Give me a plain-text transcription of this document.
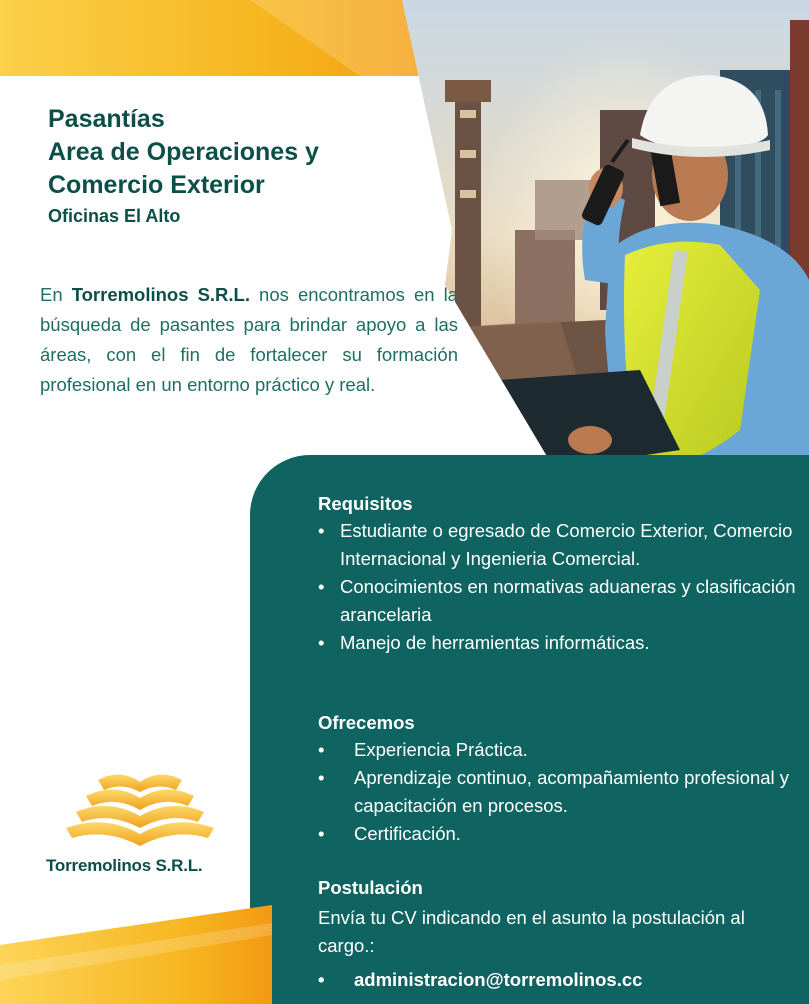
Pasantías
Area de Operaciones y
Comercio Exterior
Oficinas El Alto

En Torremolinos S.R.L. nos encontramos en la búsqueda de pasantes para brindar apoyo a las áreas, con el fin de fortalecer su formación profesional en un entorno práctico y real.

Requisitos
• Estudiante o egresado de Comercio Exterior, Comercio Internacional y Ingenieria Comercial.
• Conocimientos en normativas aduaneras y clasificación arancelaria
• Manejo de herramientas informáticas.
Ofrecemos
• Experiencia Práctica.
• Aprendizaje continuo, acompañamiento profesional y capacitación en procesos.
• Certificación.
Postulación

Envía tu CV indicando en el asunto la postulación al cargo.:

• administracion@torremolinos.cc
Torremolinos S.R.L.
